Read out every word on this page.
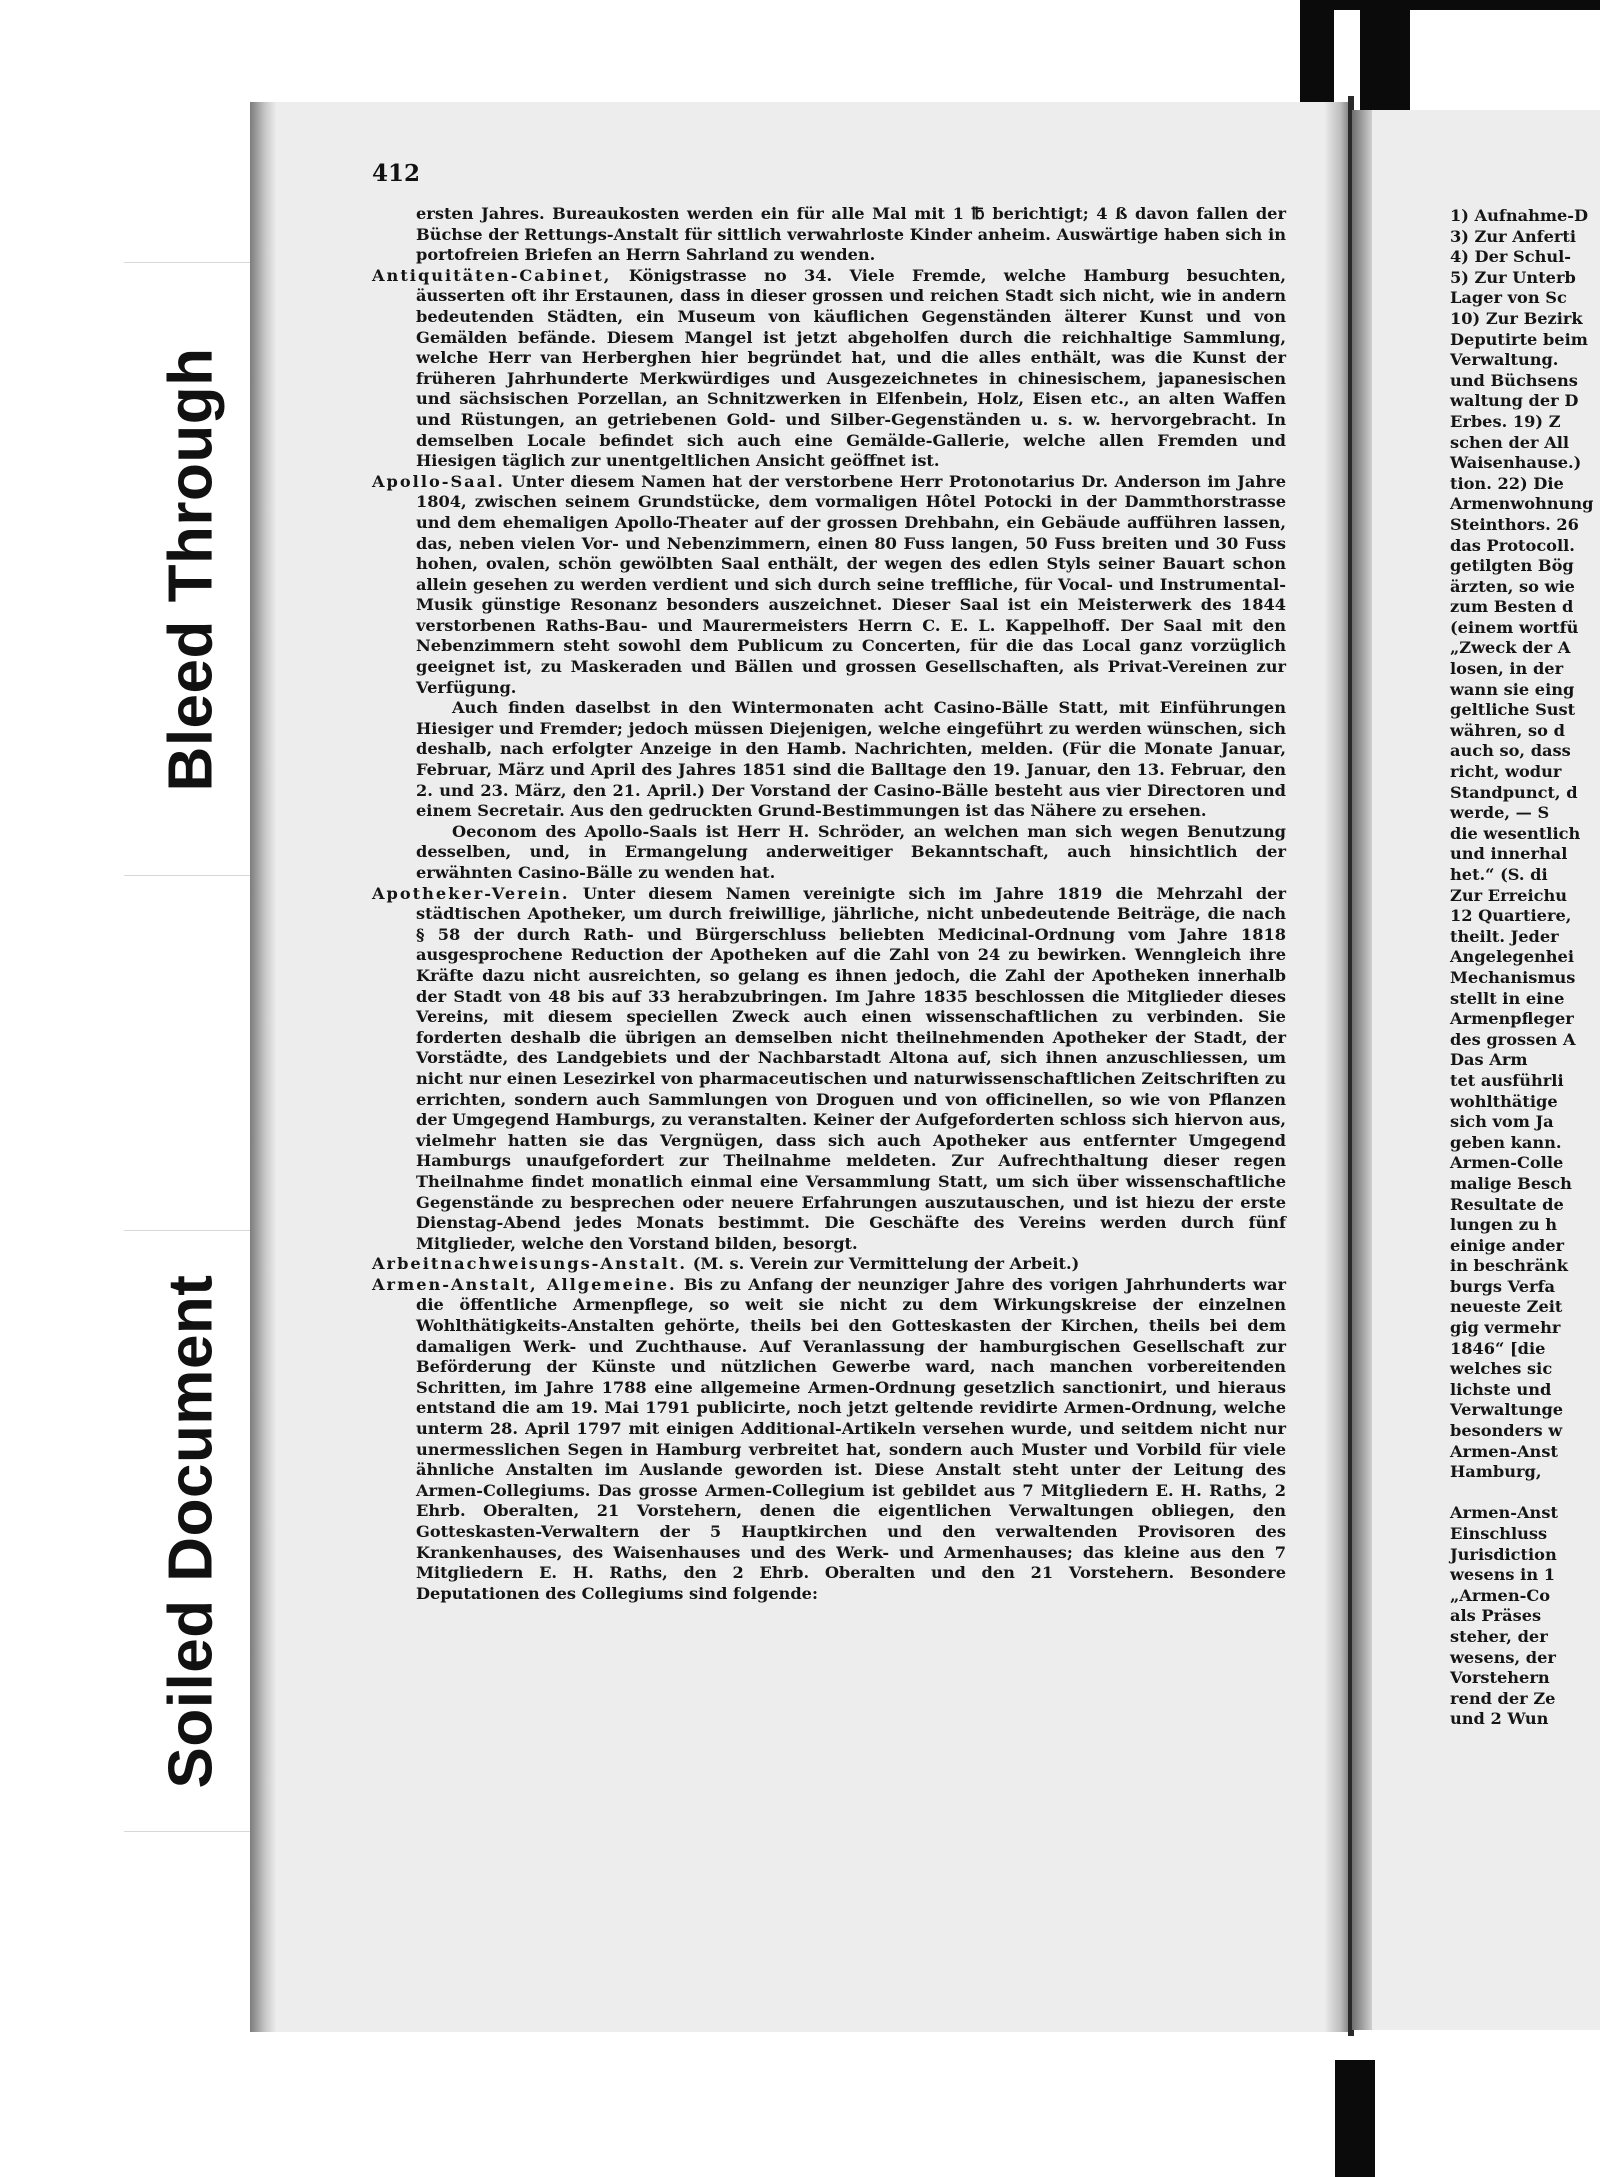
Bleed Through
Soiled Document
412

ersten Jahres. Bureaukosten werden ein für alle Mal mit 1 ℔ berichtigt; 4 ß davon fallen der Büchse der Rettungs-Anstalt für sittlich verwahrloste Kinder anheim. Auswärtige haben sich in portofreien Briefen an Herrn Sahrland zu wenden.

Antiquitäten-Cabinet, Königstrasse no 34. Viele Fremde, welche Hamburg besuchten, äusserten oft ihr Erstaunen, dass in dieser grossen und reichen Stadt sich nicht, wie in andern bedeutenden Städten, ein Museum von käuflichen Gegenständen älterer Kunst und von Gemälden befände. Diesem Mangel ist jetzt abgeholfen durch die reichhaltige Sammlung, welche Herr van Herberghen hier begründet hat, und die alles enthält, was die Kunst der früheren Jahrhunderte Merkwürdiges und Ausgezeichnetes in chinesischem, japanesischen und sächsischen Porzellan, an Schnitzwerken in Elfenbein, Holz, Eisen etc., an alten Waffen und Rüstungen, an getriebenen Gold- und Silber-Gegenständen u. s. w. hervorgebracht. In demselben Locale befindet sich auch eine Gemälde-Gallerie, welche allen Fremden und Hiesigen täglich zur unentgeltlichen Ansicht geöffnet ist.

Apollo-Saal. Unter diesem Namen hat der verstorbene Herr Protonotarius Dr. Anderson im Jahre 1804, zwischen seinem Grundstücke, dem vormaligen Hôtel Potocki in der Dammthorstrasse und dem ehemaligen Apollo-Theater auf der grossen Drehbahn, ein Gebäude aufführen lassen, das, neben vielen Vor- und Nebenzimmern, einen 80 Fuss langen, 50 Fuss breiten und 30 Fuss hohen, ovalen, schön gewölbten Saal enthält, der wegen des edlen Styls seiner Bauart schon allein gesehen zu werden verdient und sich durch seine treffliche, für Vocal- und Instrumental-Musik günstige Resonanz besonders auszeichnet. Dieser Saal ist ein Meisterwerk des 1844 verstorbenen Raths-Bau- und Maurermeisters Herrn C. E. L. Kappelhoff. Der Saal mit den Nebenzimmern steht sowohl dem Publicum zu Concerten, für die das Local ganz vorzüglich geeignet ist, zu Maskeraden und Bällen und grossen Gesellschaften, als Privat-Vereinen zur Verfügung.

Auch finden daselbst in den Wintermonaten acht Casino-Bälle Statt, mit Einführungen Hiesiger und Fremder; jedoch müssen Diejenigen, welche eingeführt zu werden wünschen, sich deshalb, nach erfolgter Anzeige in den Hamb. Nachrichten, melden. (Für die Monate Januar, Februar, März und April des Jahres 1851 sind die Balltage den 19. Januar, den 13. Februar, den 2. und 23. März, den 21. April.) Der Vorstand der Casino-Bälle besteht aus vier Directoren und einem Secretair. Aus den gedruckten Grund-Bestimmungen ist das Nähere zu ersehen.

Oeconom des Apollo-Saals ist Herr H. Schröder, an welchen man sich wegen Benutzung desselben, und, in Ermangelung anderweitiger Bekanntschaft, auch hinsichtlich der erwähnten Casino-Bälle zu wenden hat.

Apotheker-Verein. Unter diesem Namen vereinigte sich im Jahre 1819 die Mehrzahl der städtischen Apotheker, um durch freiwillige, jährliche, nicht unbedeutende Beiträge, die nach § 58 der durch Rath- und Bürgerschluss beliebten Medicinal-Ordnung vom Jahre 1818 ausgesprochene Reduction der Apotheken auf die Zahl von 24 zu bewirken. Wenngleich ihre Kräfte dazu nicht ausreichten, so gelang es ihnen jedoch, die Zahl der Apotheken innerhalb der Stadt von 48 bis auf 33 herabzubringen. Im Jahre 1835 beschlossen die Mitglieder dieses Vereins, mit diesem speciellen Zweck auch einen wissenschaftlichen zu verbinden. Sie forderten deshalb die übrigen an demselben nicht theilnehmenden Apotheker der Stadt, der Vorstädte, des Landgebiets und der Nachbarstadt Altona auf, sich ihnen anzuschliessen, um nicht nur einen Lesezirkel von pharmaceutischen und naturwissenschaftlichen Zeitschriften zu errichten, sondern auch Sammlungen von Droguen und von officinellen, so wie von Pflanzen der Umgegend Hamburgs, zu veranstalten. Keiner der Aufgeforderten schloss sich hiervon aus, vielmehr hatten sie das Vergnügen, dass sich auch Apotheker aus entfernter Umgegend Hamburgs unaufgefordert zur Theilnahme meldeten. Zur Aufrechthaltung dieser regen Theilnahme findet monatlich einmal eine Versammlung Statt, um sich über wissenschaftliche Gegenstände zu besprechen oder neuere Erfahrungen auszutauschen, und ist hiezu der erste Dienstag-Abend jedes Monats bestimmt. Die Geschäfte des Vereins werden durch fünf Mitglieder, welche den Vorstand bilden, besorgt.

Arbeitnachweisungs-Anstalt. (M. s. Verein zur Vermittelung der Arbeit.)

Armen-Anstalt, Allgemeine. Bis zu Anfang der neunziger Jahre des vorigen Jahrhunderts war die öffentliche Armenpflege, so weit sie nicht zu dem Wirkungskreise der einzelnen Wohlthätigkeits-Anstalten gehörte, theils bei den Gotteskasten der Kirchen, theils bei dem damaligen Werk- und Zuchthause. Auf Veranlassung der hamburgischen Gesellschaft zur Beförderung der Künste und nützlichen Gewerbe ward, nach manchen vorbereitenden Schritten, im Jahre 1788 eine allgemeine Armen-Ordnung gesetzlich sanctionirt, und hieraus entstand die am 19. Mai 1791 publicirte, noch jetzt geltende revidirte Armen-Ordnung, welche unterm 28. April 1797 mit einigen Additional-Artikeln versehen wurde, und seitdem nicht nur unermesslichen Segen in Hamburg verbreitet hat, sondern auch Muster und Vorbild für viele ähnliche Anstalten im Auslande geworden ist. Diese Anstalt steht unter der Leitung des Armen-Collegiums. Das grosse Armen-Collegium ist gebildet aus 7 Mitgliedern E. H. Raths, 2 Ehrb. Oberalten, 21 Vorstehern, denen die eigentlichen Verwaltungen obliegen, den Gotteskasten-Verwaltern der 5 Hauptkirchen und den verwaltenden Provisoren des Krankenhauses, des Waisenhauses und des Werk- und Armenhauses; das kleine aus den 7 Mitgliedern E. H. Raths, den 2 Ehrb. Oberalten und den 21 Vorstehern. Besondere Deputationen des Collegiums sind folgende:

1) Aufnahme-D
3) Zur Anferti
4) Der Schul-
5) Zur Unterb
Lager von Sc
10) Zur Bezirk
Deputirte beim
Verwaltung.
und Büchsens
waltung der D
Erbes. 19) Z
schen der All
Waisenhause.)
tion. 22) Die
Armenwohnung
Steinthors. 26
das Protocoll.
getilgten Bög
ärzten, so wie
zum Besten d
(einem wortfü
„Zweck der A
losen, in der
wann sie eing
geltliche Sust
währen, so d
auch so, dass
richt, wodur
Standpunct, d
werde, — S
die wesentlich
und innerhal
het.“ (S. di
Zur Erreichu
12 Quartiere,
theilt. Jeder
Angelegenhei
Mechanismus
stellt in eine
Armenpfleger
des grossen A
Das Arm
tet ausführli
wohlthätige
sich vom Ja
geben kann.
Armen-Colle
malige Besch
Resultate de
lungen zu h
einige ander
in beschränk
burgs Verfa
neueste Zeit
gig vermehr
1846“ [die
welches sic
lichste und
Verwaltunge
besonders w
Armen-Anst
Hamburg,
Armen-Anst
Einschluss
Jurisdiction
wesens in 1
„Armen-Co
als Präses
steher, der
wesens, der
Vorstehern
rend der Ze
und 2 Wun
